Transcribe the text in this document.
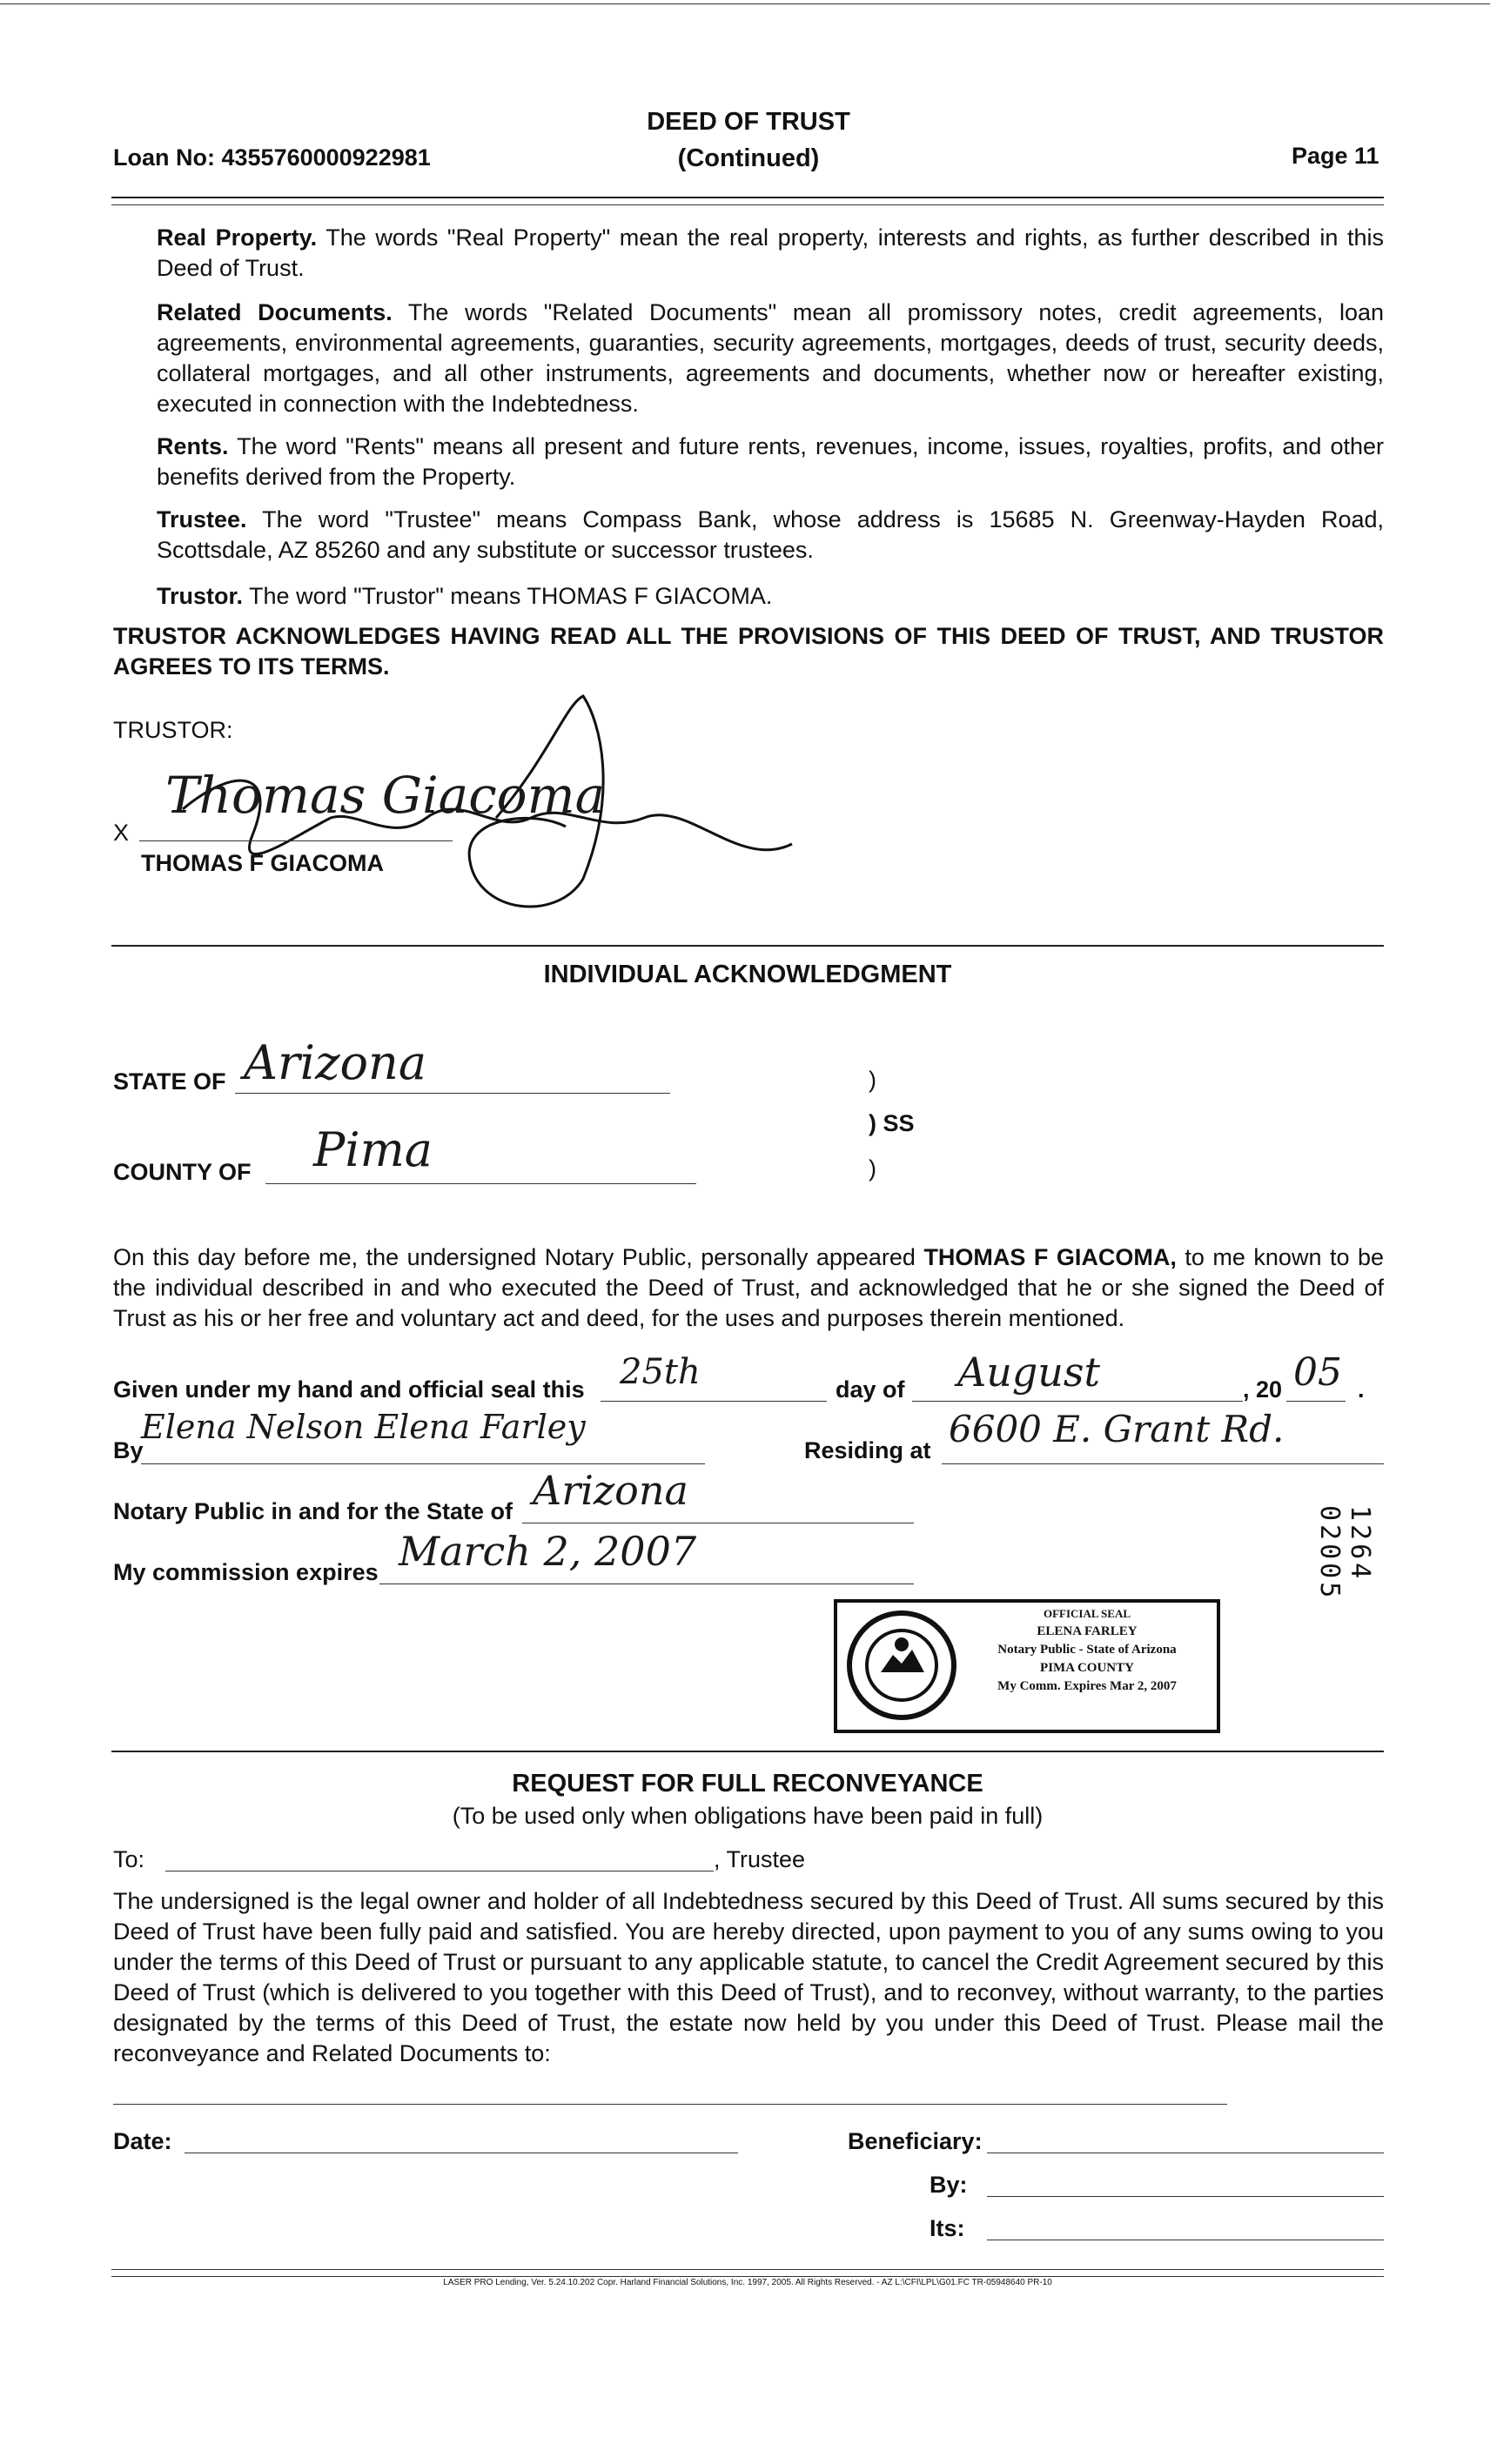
Loan No: 4355760000922981
DEED OF TRUST
(Continued)	Page 11
Real Property. The words "Real Property" mean the real property, interests and rights, as further described in this Deed of Trust.
Related Documents. The words "Related Documents" mean all promissory notes, credit agreements, loan agreements, environmental agreements, guaranties, security agreements, mortgages, deeds of trust, security deeds, collateral mortgages, and all other instruments, agreements and documents, whether now or hereafter existing, executed in connection with the Indebtedness.
Rents. The word "Rents" means all present and future rents, revenues, income, issues, royalties, profits, and other benefits derived from the Property.
Trustee. The word "Trustee" means Compass Bank, whose address is 15685 N. Greenway-Hayden Road, Scottsdale, AZ 85260 and any substitute or successor trustees.
Trustor. The word "Trustor" means THOMAS F GIACOMA.
TRUSTOR ACKNOWLEDGES HAVING READ ALL THE PROVISIONS OF THIS DEED OF TRUST, AND TRUSTOR AGREES TO ITS TERMS.
TRUSTOR:
X
Thomas Giacoma
THOMAS F GIACOMA
INDIVIDUAL ACKNOWLEDGMENT
STATE OF Arizona	)
) SS
)
COUNTY OF Pima
On this day before me, the undersigned Notary Public, personally appeared THOMAS F GIACOMA, to me known to be the individual described in and who executed the Deed of Trust, and acknowledged that he or she signed the Deed of Trust as his or her free and voluntary act and deed, for the uses and purposes therein mentioned.
Given under my hand and official seal this 25th	day of August	, 20 05 .
By
Elena Nelson Elena Farley
Residing at 6600 E. Grant Rd.
Notary Public in and for the State of Arizona
My commission expires March 2, 2007
OFFICIAL SEAL
ELENA FARLEY
Notary Public - State of Arizona
PIMA COUNTY
My Comm. Expires Mar 2, 2007
REQUEST FOR FULL RECONVEYANCE
(To be used only when obligations have been paid in full)
To:	, Trustee
The undersigned is the legal owner and holder of all Indebtedness secured by this Deed of Trust. All sums secured by this Deed of Trust have been fully paid and satisfied. You are hereby directed, upon payment to you of any sums owing to you under the terms of this Deed of Trust or pursuant to any applicable statute, to cancel the Credit Agreement secured by this Deed of Trust (which is delivered to you together with this Deed of Trust), and to reconvey, without warranty, to the parties designated by the terms of this Deed of Trust, the estate now held by you under this Deed of Trust. Please mail the reconveyance and Related Documents to:
Date:	Beneficiary:
By:
Its:
LASER PRO Lending, Ver. 5.24.10.202 Copr. Harland Financial Solutions, Inc. 1997, 2005. All Rights Reserved. - AZ L:\CFI\LPL\G01.FC TR-05948640 PR-10
1264 02005
